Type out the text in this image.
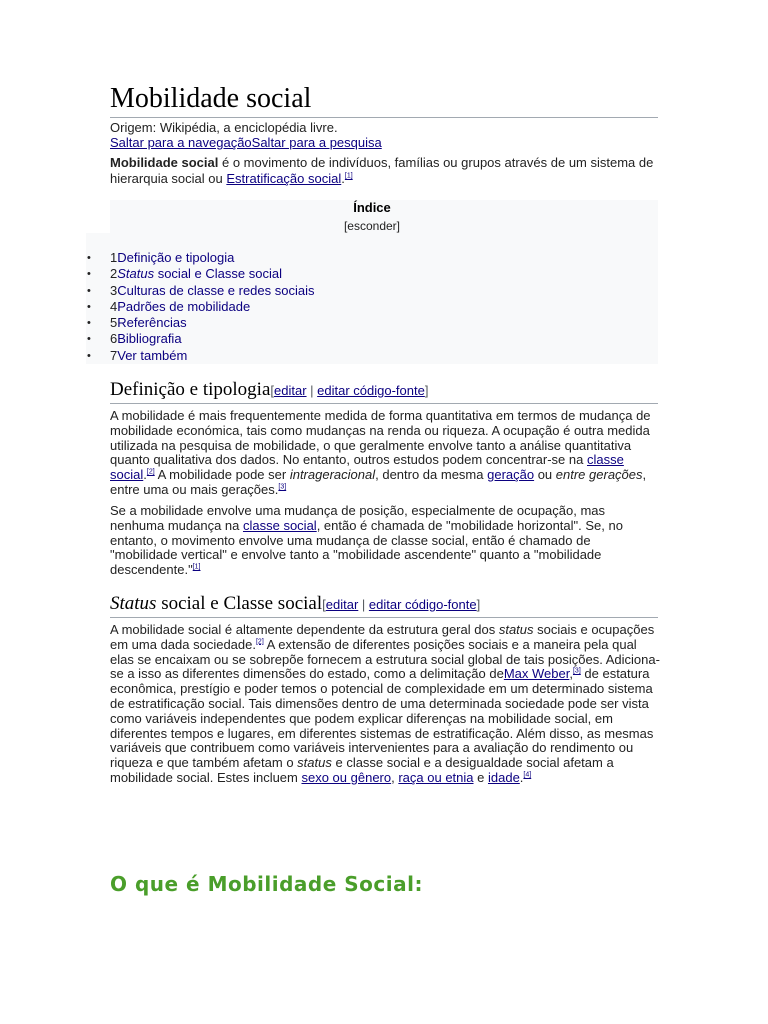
Mobilidade social
Origem: Wikipédia, a enciclopédia livre.
Saltar para a navegaçãoSaltar para a pesquisa

Mobilidade social é o movimento de indivíduos, famílias ou grupos através de um sistema de hierarquia social ou Estratificação social.[1]

Índice
[esconder]
• 1Definição e tipologia
• 2Status social e Classe social
• 3Culturas de classe e redes sociais
• 4Padrões de mobilidade
• 5Referências
• 6Bibliografia
• 7Ver também
Definição e tipologia[editar | editar código-fonte]

A mobilidade é mais frequentemente medida de forma quantitativa em termos de mudança de mobilidade económica, tais como mudanças na renda ou riqueza. A ocupação é outra medida utilizada na pesquisa de mobilidade, o que geralmente envolve tanto a análise quantitativa quanto qualitativa dos dados. No entanto, outros estudos podem concentrar-se na classe social.[2] A mobilidade pode ser intrageracional, dentro da mesma geração ou entre gerações, entre uma ou mais gerações.[3]

Se a mobilidade envolve uma mudança de posição, especialmente de ocupação, mas nenhuma mudança na classe social, então é chamada de "mobilidade horizontal". Se, no entanto, o movimento envolve uma mudança de classe social, então é chamado de "mobilidade vertical" e envolve tanto a "mobilidade ascendente" quanto a "mobilidade descendente."[1]

Status social e Classe social[editar | editar código-fonte]

A mobilidade social é altamente dependente da estrutura geral dos status sociais e ocupações em uma dada sociedade.[2] A extensão de diferentes posições sociais e a maneira pela qual elas se encaixam ou se sobrepõe fornecem a estrutura social global de tais posições. Adiciona-se a isso as diferentes dimensões do estado, como a delimitação deMax Weber,[3] de estatura econômica, prestígio e poder temos o potencial de complexidade em um determinado sistema de estratificação social. Tais dimensões dentro de uma determinada sociedade pode ser vista como variáveis independentes que podem explicar diferenças na mobilidade social, em diferentes tempos e lugares, em diferentes sistemas de estratificação. Além disso, as mesmas variáveis que contribuem como variáveis intervenientes para a avaliação do rendimento ou riqueza e que também afetam o status e classe social e a desigualdade social afetam a mobilidade social. Estes incluem sexo ou gênero, raça ou etnia e idade.[4]

O que é Mobilidade Social:
